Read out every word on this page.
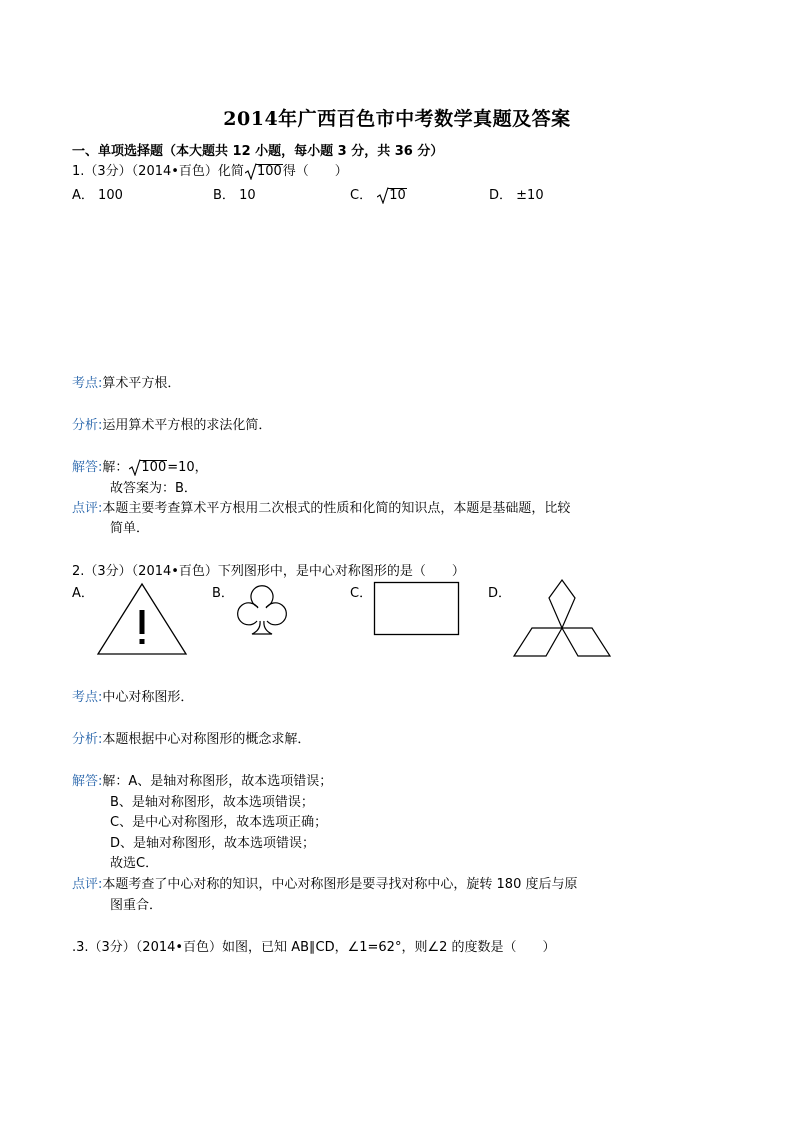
2014年广西百色市中考数学真题及答案
一、单项选择题（本大题共 12 小题，每小题 3 分，共 36 分）
1.（3分）（2014•百色）化简 100得（　　）
A． 100	B． 10	C． 10	D． ±10
考点:算术平方根．
分析:运用算术平方根的求法化简．
解答:解： 100=10，
故答案为：B．
点评:本题主要考查算术平方根用二次根式的性质和化简的知识点，本题是基础题，比较
简单．
2.（3分）（2014•百色）下列图形中，是中心对称图形的是（　　）
A．	B．	C．	D．
考点:中心对称图形．
分析:本题根据中心对称图形的概念求解．
解答:解：A、是轴对称图形，故本选项错误；
B、是轴对称图形，故本选项错误；
C、是中心对称图形，故本选项正确；
D、是轴对称图形，故本选项错误；
故选C．
点评:本题考查了中心对称的知识，中心对称图形是要寻找对称中心，旋转 180 度后与原
图重合．
.3.（3分）（2014•百色）如图，已知 AB∥CD，∠1=62°，则∠2 的度数是（　　）
